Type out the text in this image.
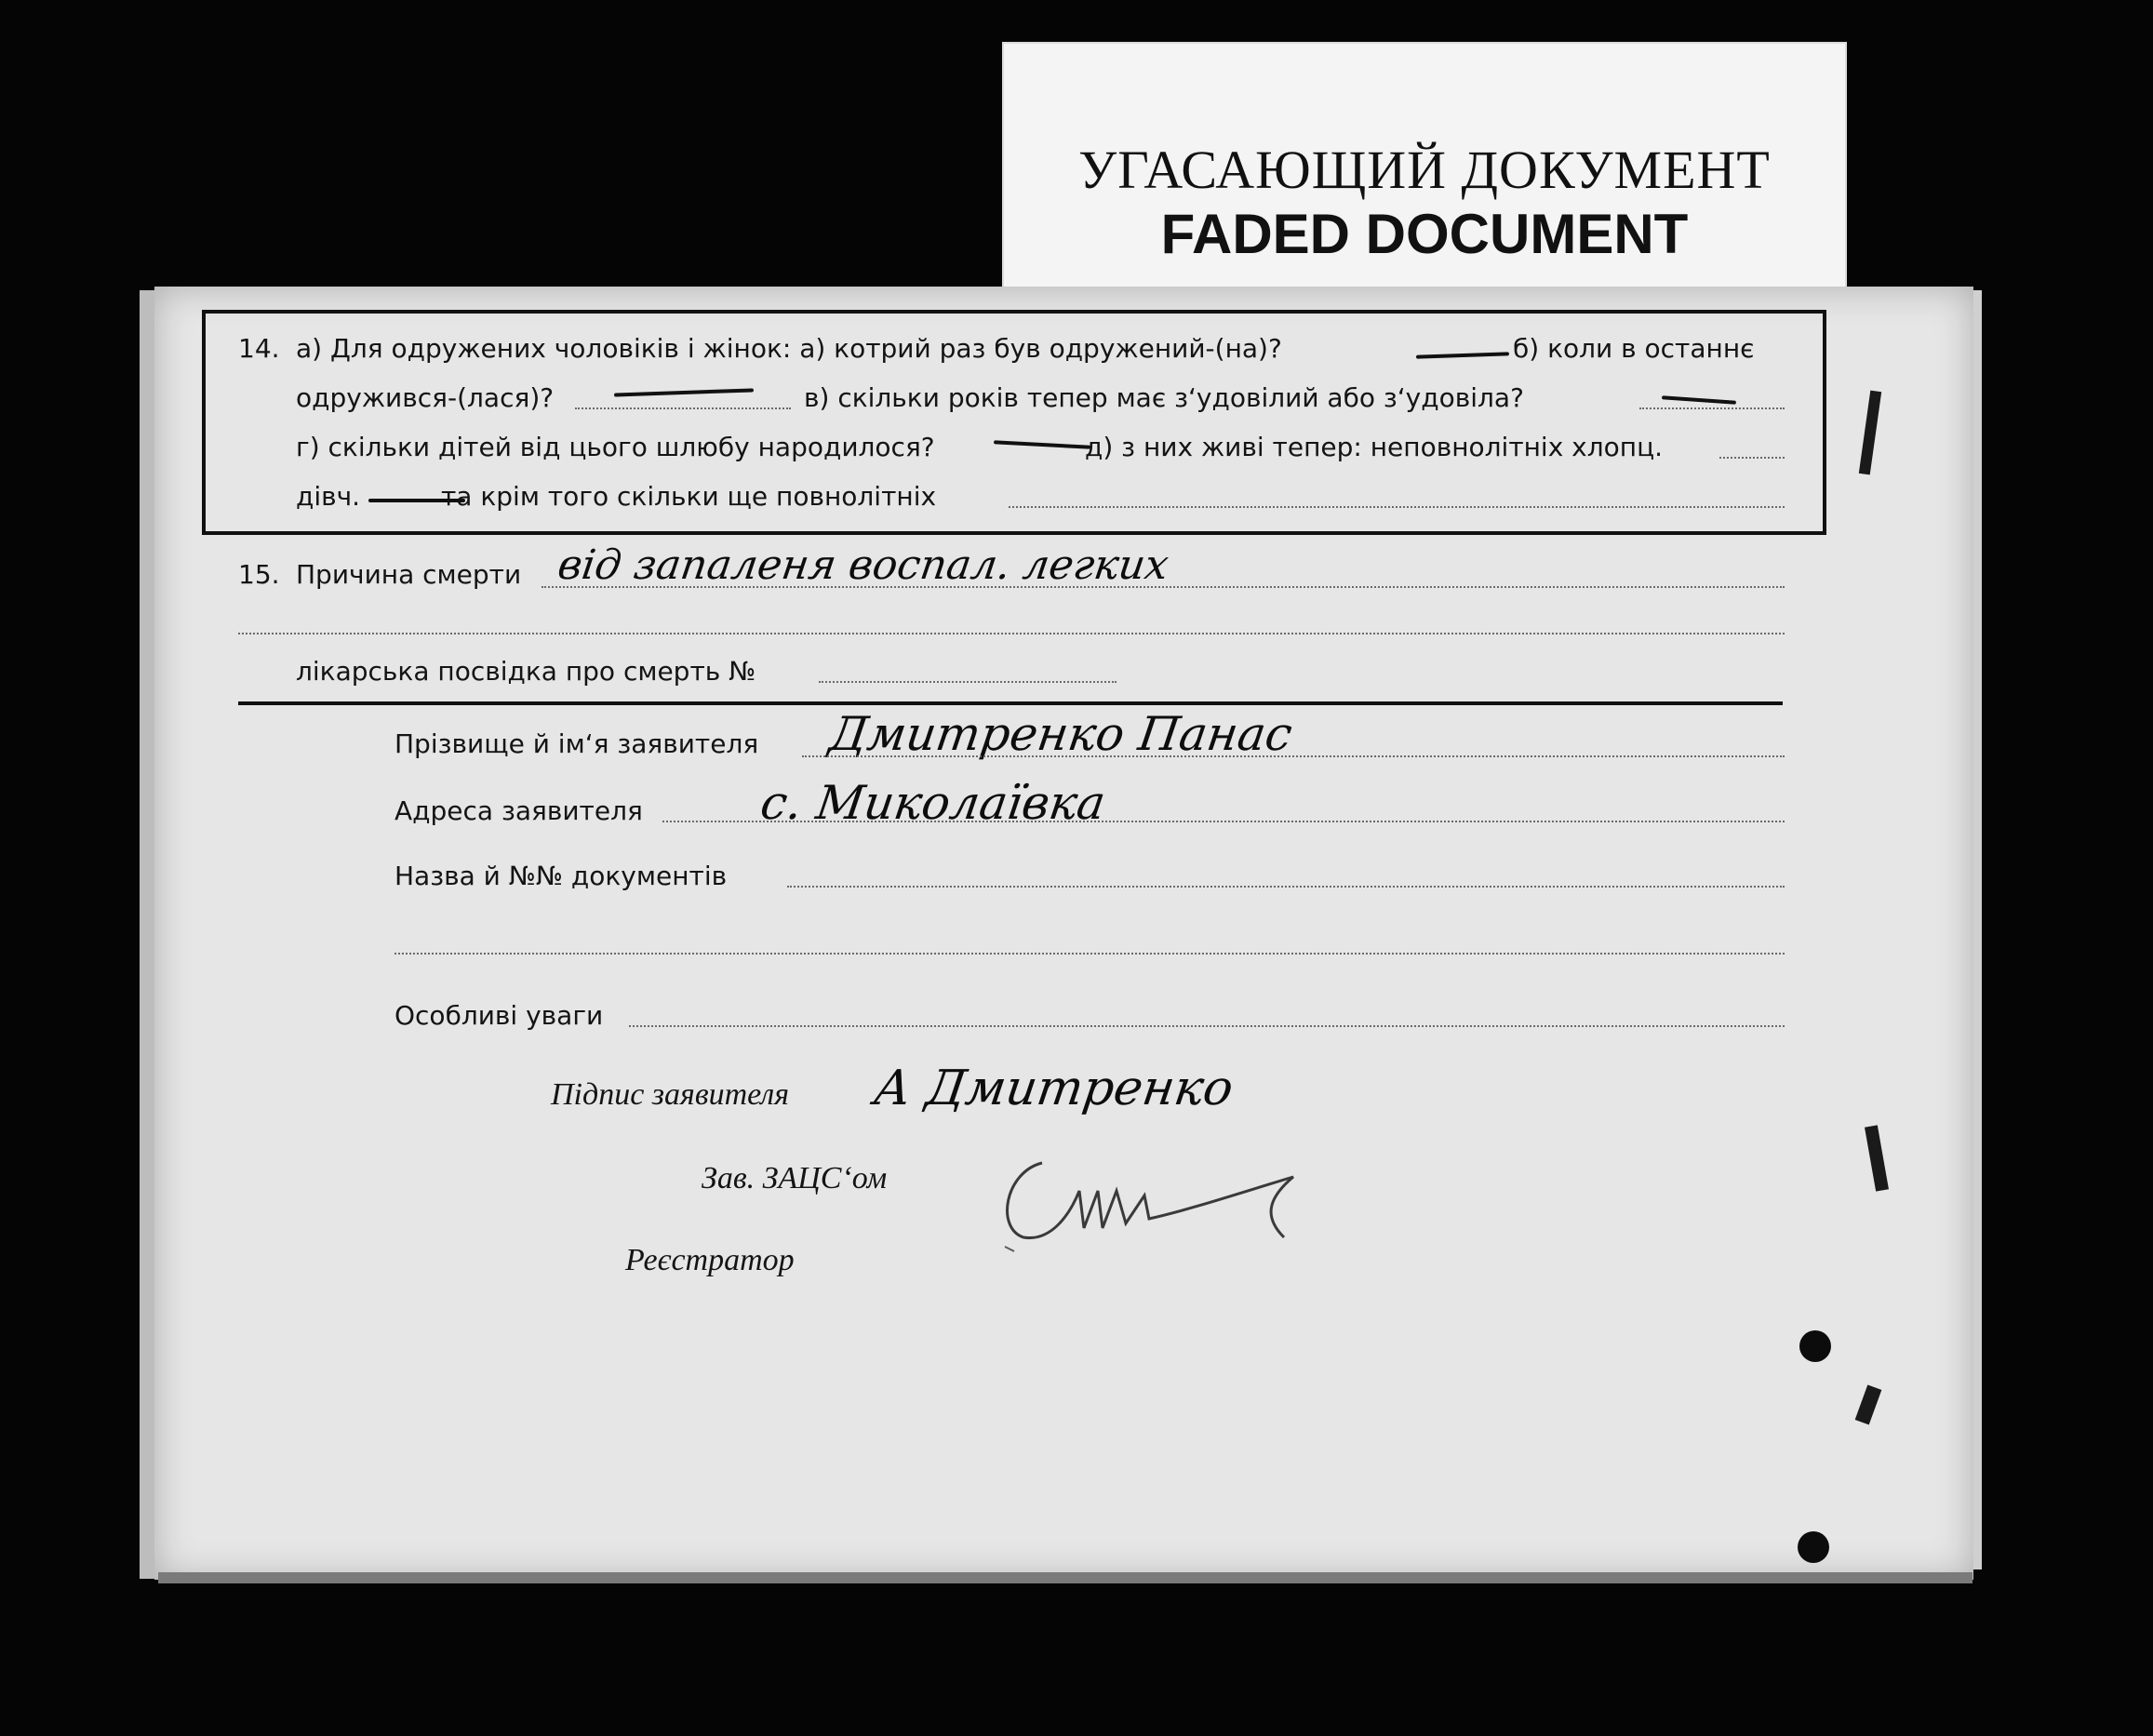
УГАСАЮЩИЙ ДОКУМЕНТ
FADED DOCUMENT
14. а) Для одружених чоловіків і жінок: а) котрий раз був одружений-(на)?	б) коли в останнє
одружився-(лася)?	в) скільки років тепер має з‘удовілий або з‘удовіла?
г) скільки дітей від цього шлюбу народилося?	д) з них живі тепер: неповнолітніх хлопц.
дівч.	та крім того скільки ще повнолітніх
15. Причина смерти від запаленя воспал. легких
лікарська посвідка про смерть №
Прізвище й ім‘я заявителя Дмитренко Панас
Адреса заявителя с. Миколаївка
Назва й №№ документів
Особливі уваги
Підпис заявителя А Дмитренко
Зав. ЗАЦС‘ом
Реєстратор
